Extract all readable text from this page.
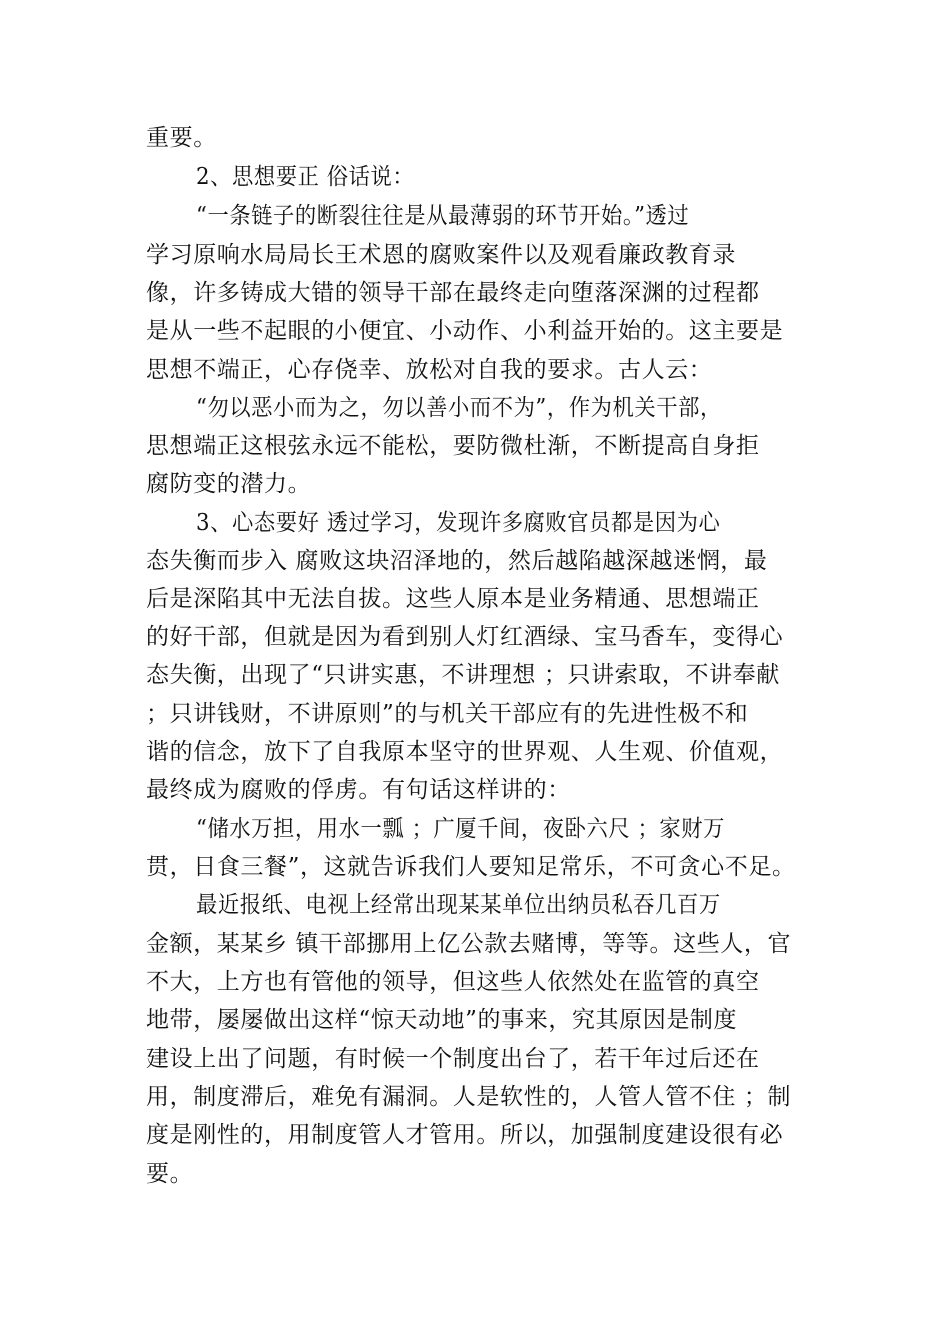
重要。
2、思想要正 俗话说：
“一条链子的断裂往往是从最薄弱的环节开始。”透过
学习原响水局局长王术恩的腐败案件以及观看廉政教育录
像，许多铸成大错的领导干部在最终走向堕落深渊的过程都
是从一些不起眼的小便宜、小动作、小利益开始的。这主要是
思想不端正，心存侥幸、放松对自我的要求。古人云：
“勿以恶小而为之，勿以善小而不为”，作为机关干部，
思想端正这根弦永远不能松，要防微杜渐，不断提高自身拒
腐防变的潜力。
3、心态要好 透过学习，发现许多腐败官员都是因为心
态失衡而步入 腐败这块沼泽地的，然后越陷越深越迷惘，最
后是深陷其中无法自拔。这些人原本是业务精通、思想端正
的好干部，但就是因为看到别人灯红酒绿、宝马香车，变得心
态失衡，出现了“只讲实惠，不讲理想 ；只讲索取，不讲奉献
；只讲钱财，不讲原则”的与机关干部应有的先进性极不和
谐的信念，放下了自我原本坚守的世界观、人生观、价值观，
最终成为腐败的俘虏。有句话这样讲的：
“储水万担，用水一瓢 ；广厦千间，夜卧六尺 ；家财万
贯，日食三餐”，这就告诉我们人要知足常乐，不可贪心不足。
最近报纸、电视上经常出现某某单位出纳员私吞几百万
金额，某某乡 镇干部挪用上亿公款去赌博，等等。这些人，官
不大，上方也有管他的领导，但这些人依然处在监管的真空
地带，屡屡做出这样“惊天动地”的事来，究其原因是制度
建设上出了问题，有时候一个制度出台了，若干年过后还在
用，制度滞后，难免有漏洞。人是软性的，人管人管不住 ；制
度是刚性的，用制度管人才管用。所以，加强制度建设很有必
要。
